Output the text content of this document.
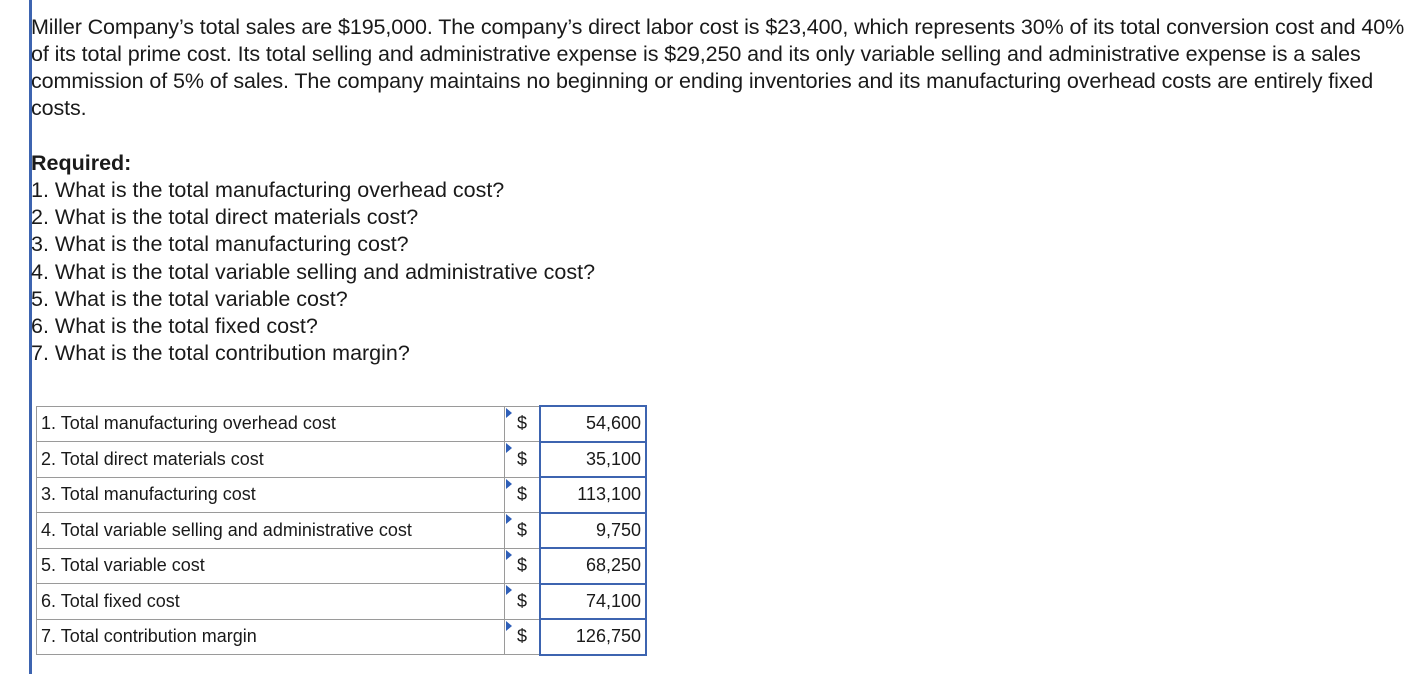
Miller Company’s total sales are $195,000. The company’s direct labor cost is $23,400, which represents 30% of its total conversion cost and 40% of its total prime cost. Its total selling and administrative expense is $29,250 and its only variable selling and administrative expense is a sales commission of 5% of sales. The company maintains no beginning or ending inventories and its manufacturing overhead costs are entirely fixed costs.

Required:
1. What is the total manufacturing overhead cost?
2. What is the total direct materials cost?
3. What is the total manufacturing cost?
4. What is the total variable selling and administrative cost?
5. What is the total variable cost?
6. What is the total fixed cost?
7. What is the total contribution margin?
1. Total manufacturing overhead cost	$	54,600
2. Total direct materials cost	$	35,100
3. Total manufacturing cost	$	113,100
4. Total variable selling and administrative cost	$	9,750
5. Total variable cost	$	68,250
6. Total fixed cost	$	74,100
7. Total contribution margin	$	126,750
